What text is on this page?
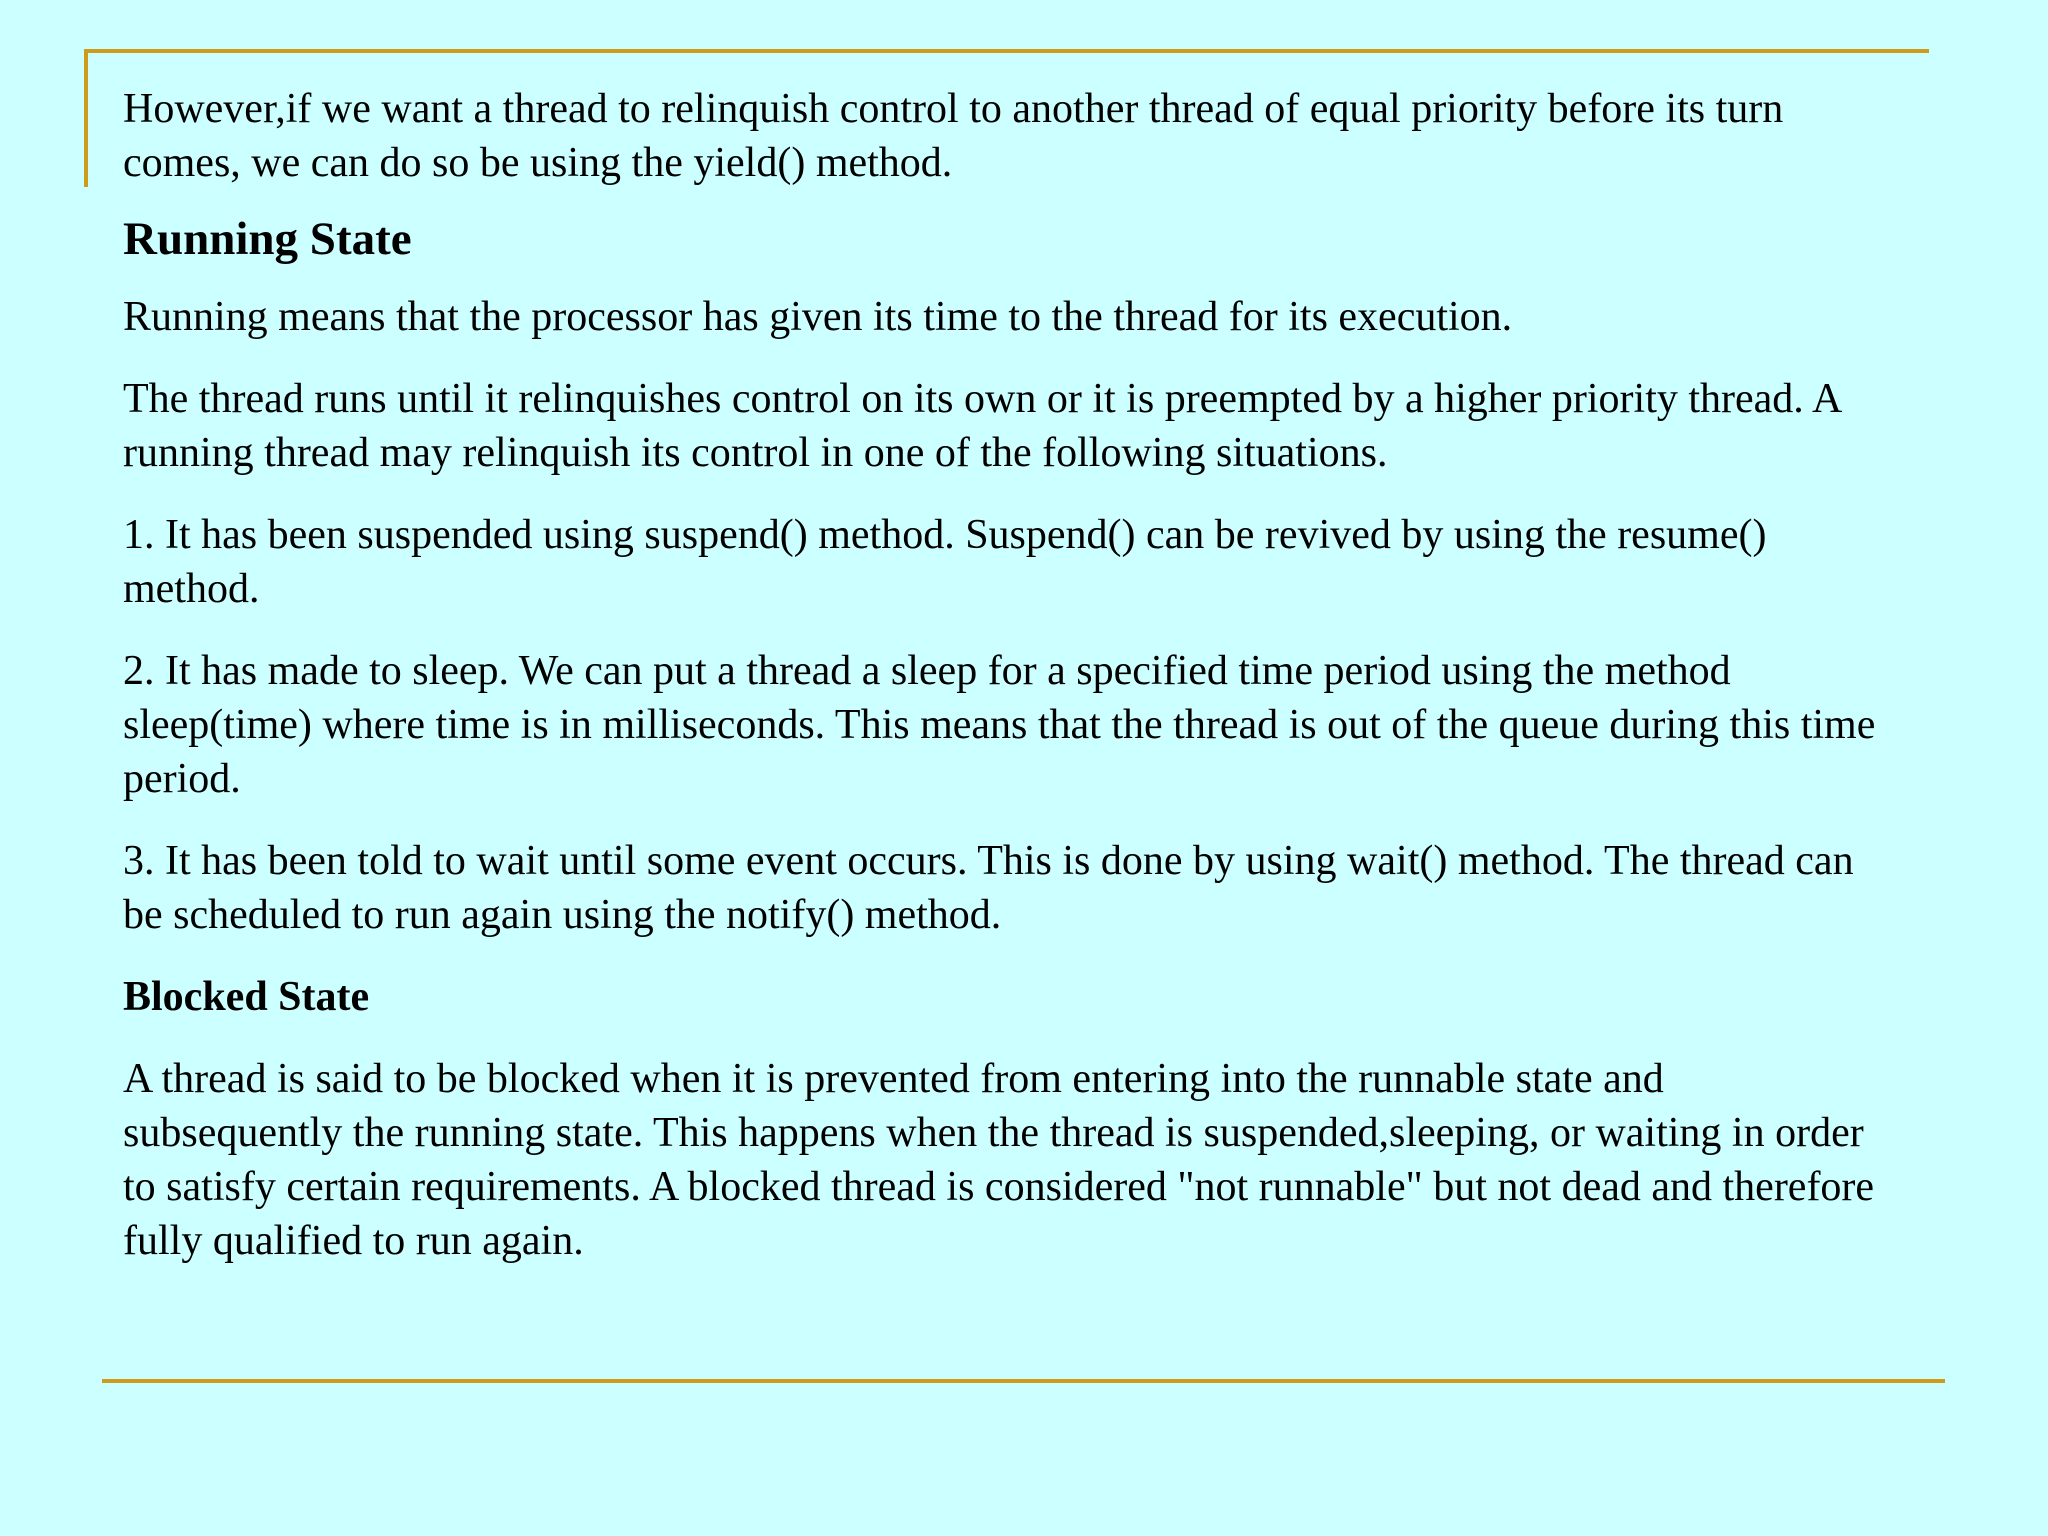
However,if we want a thread to relinquish control to another thread of equal priority before its turn
comes, we can do so be using the yield() method.

Running State

Running means that the processor has given its time to the thread for its execution.

The thread runs until it relinquishes control on its own or it is preempted by a higher priority thread. A
running thread may relinquish its control in one of the following situations.

1. It has been suspended using suspend() method. Suspend() can be revived by using the resume()
method.

2. It has made to sleep. We can put a thread a sleep for a specified time period using the method
sleep(time) where time is in milliseconds. This means that the thread is out of the queue during this time
period.

3. It has been told to wait until some event occurs. This is done by using wait() method. The thread can
be scheduled to run again using the notify() method.

Blocked State

A thread is said to be blocked when it is prevented from entering into the runnable state and
subsequently the running state. This happens when the thread is suspended,sleeping, or waiting in order
to satisfy certain requirements. A blocked thread is considered "not runnable" but not dead and therefore
fully qualified to run again.
